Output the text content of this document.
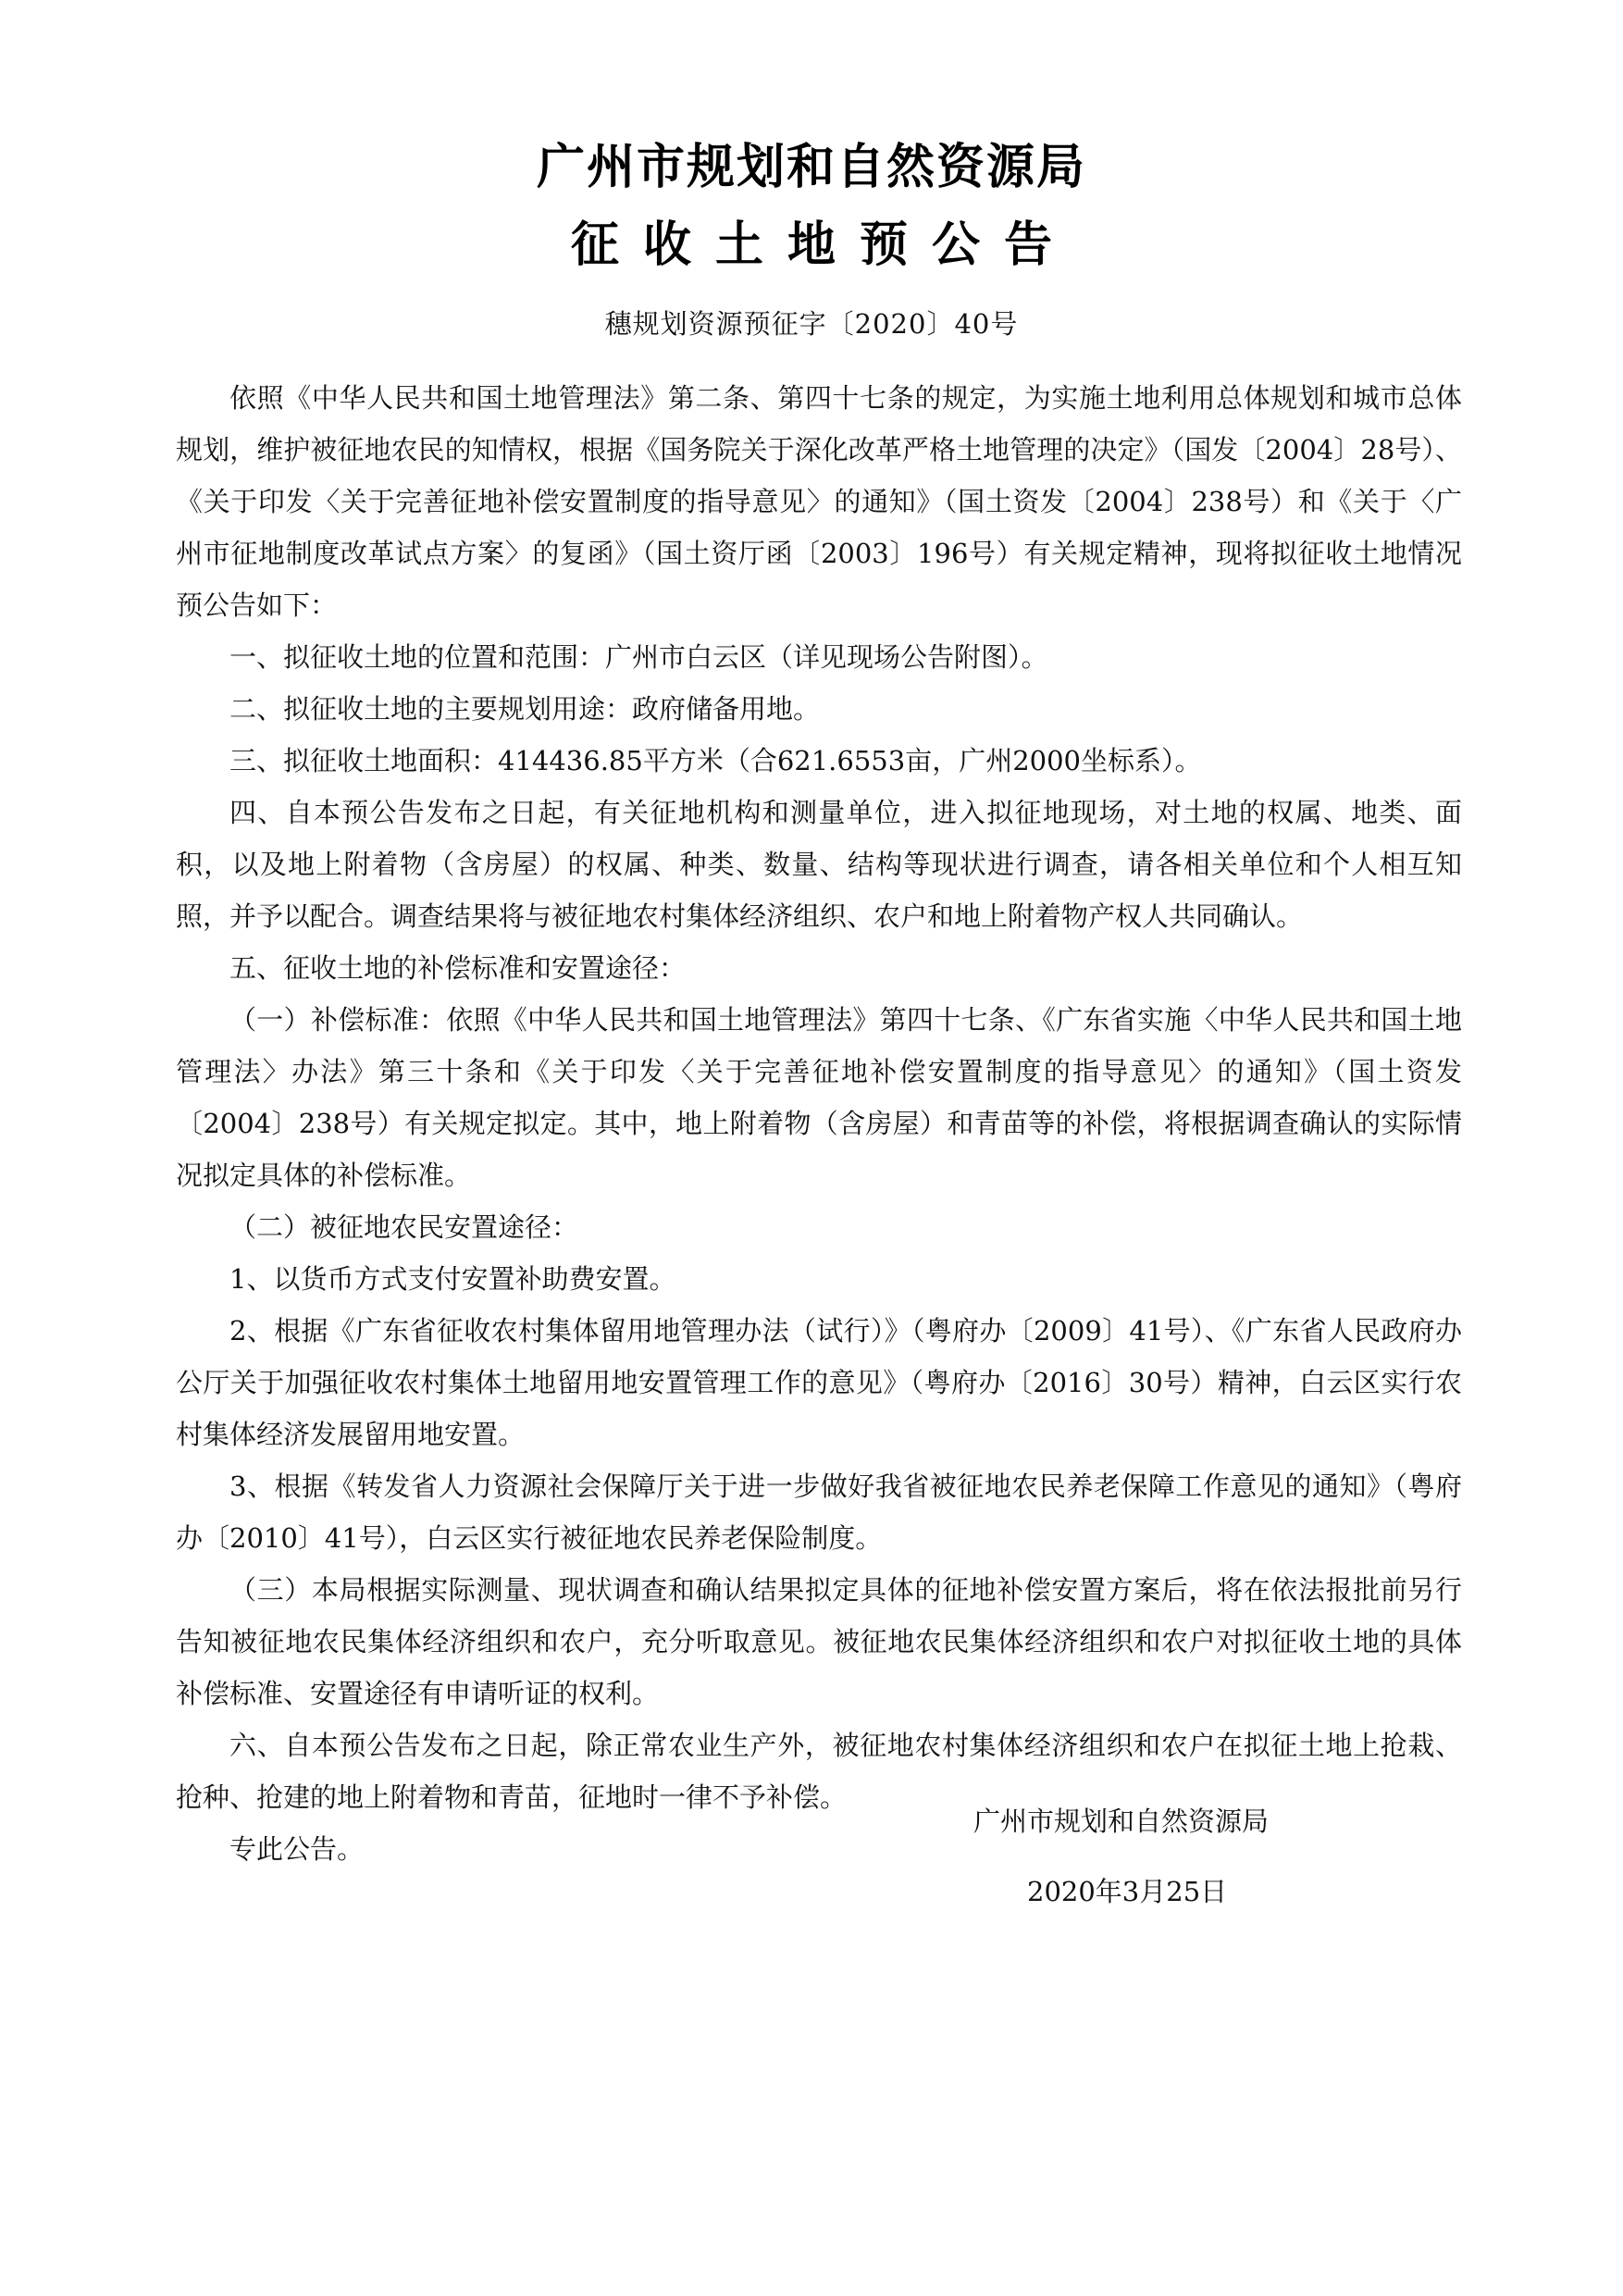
广州市规划和自然资源局
征收土地预公告
穗规划资源预征字〔2020〕40号

依照《中华人民共和国土地管理法》第二条、第四十七条的规定，为实施土地利用总体规划和城市总体规划，维护被征地农民的知情权，根据《国务院关于深化改革严格土地管理的决定》（国发〔2004〕28号）、《关于印发〈关于完善征地补偿安置制度的指导意见〉的通知》（国土资发〔2004〕238号）和《关于〈广州市征地制度改革试点方案〉的复函》（国土资厅函〔2003〕196号）有关规定精神，现将拟征收土地情况预公告如下：

一、拟征收土地的位置和范围：广州市白云区（详见现场公告附图）。

二、拟征收土地的主要规划用途：政府储备用地。

三、拟征收土地面积：414436.85平方米（合621.6553亩，广州2000坐标系）。

四、自本预公告发布之日起，有关征地机构和测量单位，进入拟征地现场，对土地的权属、地类、面积，以及地上附着物（含房屋）的权属、种类、数量、结构等现状进行调查，请各相关单位和个人相互知照，并予以配合。调查结果将与被征地农村集体经济组织、农户和地上附着物产权人共同确认。

五、征收土地的补偿标准和安置途径：

（一）补偿标准：依照《中华人民共和国土地管理法》第四十七条、《广东省实施〈中华人民共和国土地管理法〉办法》第三十条和《关于印发〈关于完善征地补偿安置制度的指导意见〉的通知》（国土资发〔2004〕238号）有关规定拟定。其中，地上附着物（含房屋）和青苗等的补偿，将根据调查确认的实际情况拟定具体的补偿标准。

（二）被征地农民安置途径：

1、以货币方式支付安置补助费安置。

2、根据《广东省征收农村集体留用地管理办法（试行）》（粤府办〔2009〕41号）、《广东省人民政府办公厅关于加强征收农村集体土地留用地安置管理工作的意见》（粤府办〔2016〕30号）精神，白云区实行农村集体经济发展留用地安置。

3、根据《转发省人力资源社会保障厅关于进一步做好我省被征地农民养老保障工作意见的通知》（粤府办〔2010〕41号），白云区实行被征地农民养老保险制度。

（三）本局根据实际测量、现状调查和确认结果拟定具体的征地补偿安置方案后，将在依法报批前另行告知被征地农民集体经济组织和农户，充分听取意见。被征地农民集体经济组织和农户对拟征收土地的具体补偿标准、安置途径有申请听证的权利。

六、自本预公告发布之日起，除正常农业生产外，被征地农村集体经济组织和农户在拟征土地上抢栽、抢种、抢建的地上附着物和青苗，征地时一律不予补偿。

专此公告。

广州市规划和自然资源局
2020年3月25日
